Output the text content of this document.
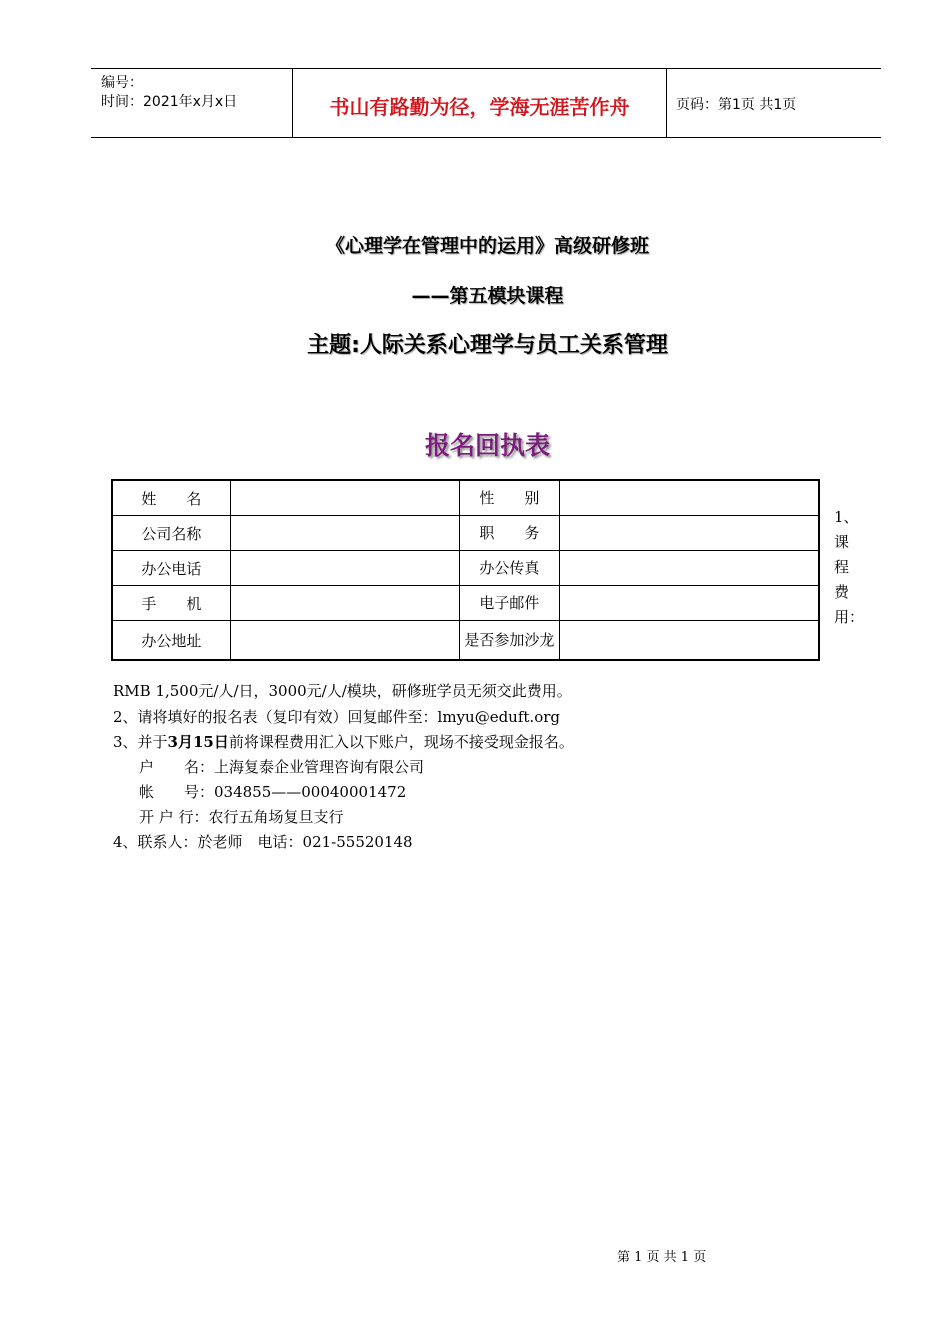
编号：
时间：2021年x月x日	书山有路勤为径，学海无涯苦作舟	页码：第1页 共1页
《心理学在管理中的运用》高级研修班
——第五模块课程
主题:人际关系心理学与员工关系管理
报名回执表
姓　　名		性　　别	
公司名称		职　　务	
办公电话		办公传真	
手　　机		电子邮件	
办公地址		是否参加沙龙	
1、课程费用：
RMB 1,500元/人/日，3000元/人/模块，研修班学员无须交此费用。
2、请将填好的报名表（复印有效）回复邮件至：lmyu@eduft.org
3、并于3月15日前将课程费用汇入以下账户，现场不接受现金报名。
户　　名：上海复泰企业管理咨询有限公司
帐　　号：034855——00040001472
开 户 行：农行五角场复旦支行
4、联系人：於老师　电话：021-55520148
第 1 页 共 1 页
